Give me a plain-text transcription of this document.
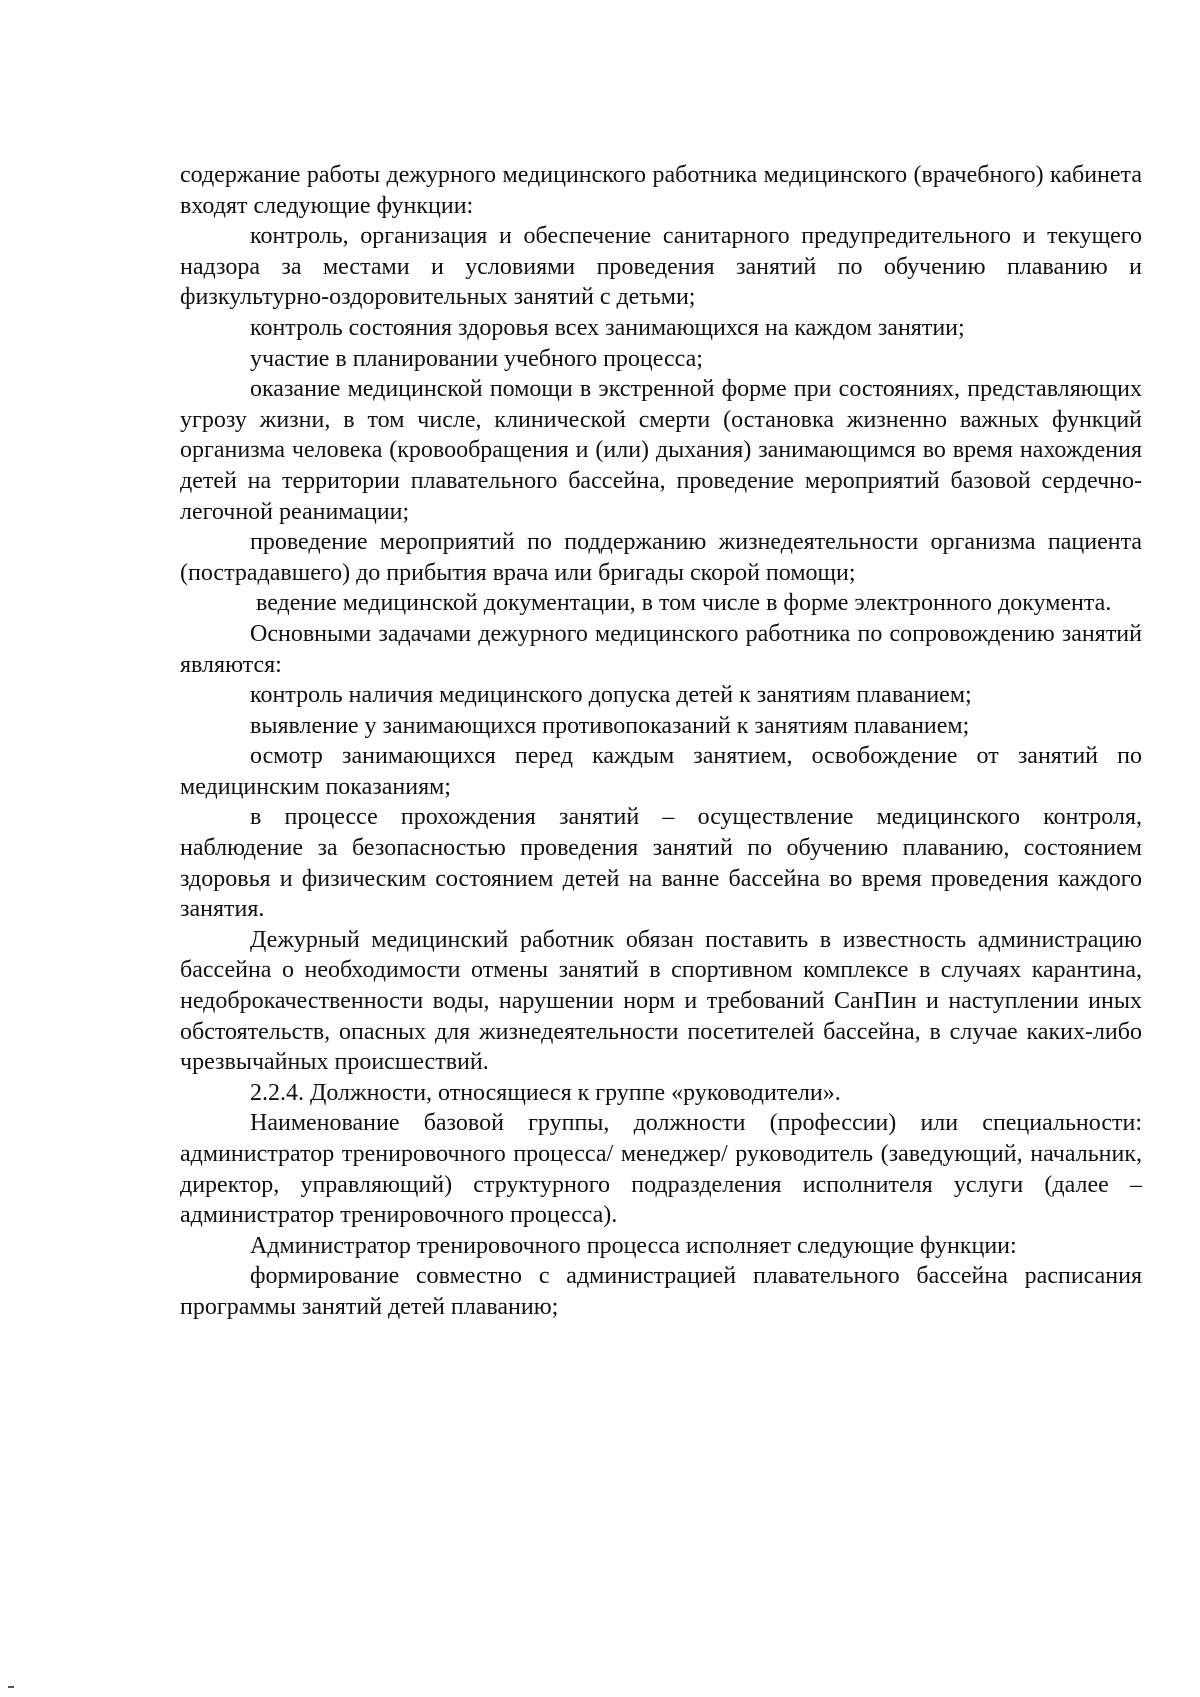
содержание работы дежурного медицинского работника медицинского (врачебного) кабинета входят следующие функции:

контроль, организация и обеспечение санитарного предупредительного и текущего надзора за местами и условиями проведения занятий по обучению плаванию и физкультурно-оздоровительных занятий с детьми;

контроль состояния здоровья всех занимающихся на каждом занятии;

участие в планировании учебного процесса;

оказание медицинской помощи в экстренной форме при состояниях, представляющих угрозу жизни, в том числе, клинической смерти (остановка жизненно важных функций организма человека (кровообращения и (или) дыхания) занимающимся во время нахождения детей на территории плавательного бассейна, проведение мероприятий базовой сердечно-легочной реанимации;

проведение мероприятий по поддержанию жизнедеятельности организма пациента (пострадавшего) до прибытия врача или бригады скорой помощи;

ведение медицинской документации, в том числе в форме электронного документа.

Основными задачами дежурного медицинского работника по сопровождению занятий являются:

контроль наличия медицинского допуска детей к занятиям плаванием;

выявление у занимающихся противопоказаний к занятиям плаванием;

осмотр занимающихся перед каждым занятием, освобождение от занятий по медицинским показаниям;

в процессе прохождения занятий – осуществление медицинского контроля, наблюдение за безопасностью проведения занятий по обучению плаванию, состоянием здоровья и физическим состоянием детей на ванне бассейна во время проведения каждого занятия.

Дежурный медицинский работник обязан поставить в известность администрацию бассейна о необходимости отмены занятий в спортивном комплексе в случаях карантина, недоброкачественности воды, нарушении норм и требований СанПин и наступлении иных обстоятельств, опасных для жизнедеятельности посетителей бассейна, в случае каких-либо чрезвычайных происшествий.

2.2.4. Должности, относящиеся к группе «руководители».

Наименование базовой группы, должности (профессии) или специальности: администратор тренировочного процесса/ менеджер/ руководитель (заведующий, начальник, директор, управляющий) структурного подразделения исполнителя услуги (далее – администратор тренировочного процесса).

Администратор тренировочного процесса исполняет следующие функции:

формирование совместно с администрацией плавательного бассейна расписания программы занятий детей плаванию;
